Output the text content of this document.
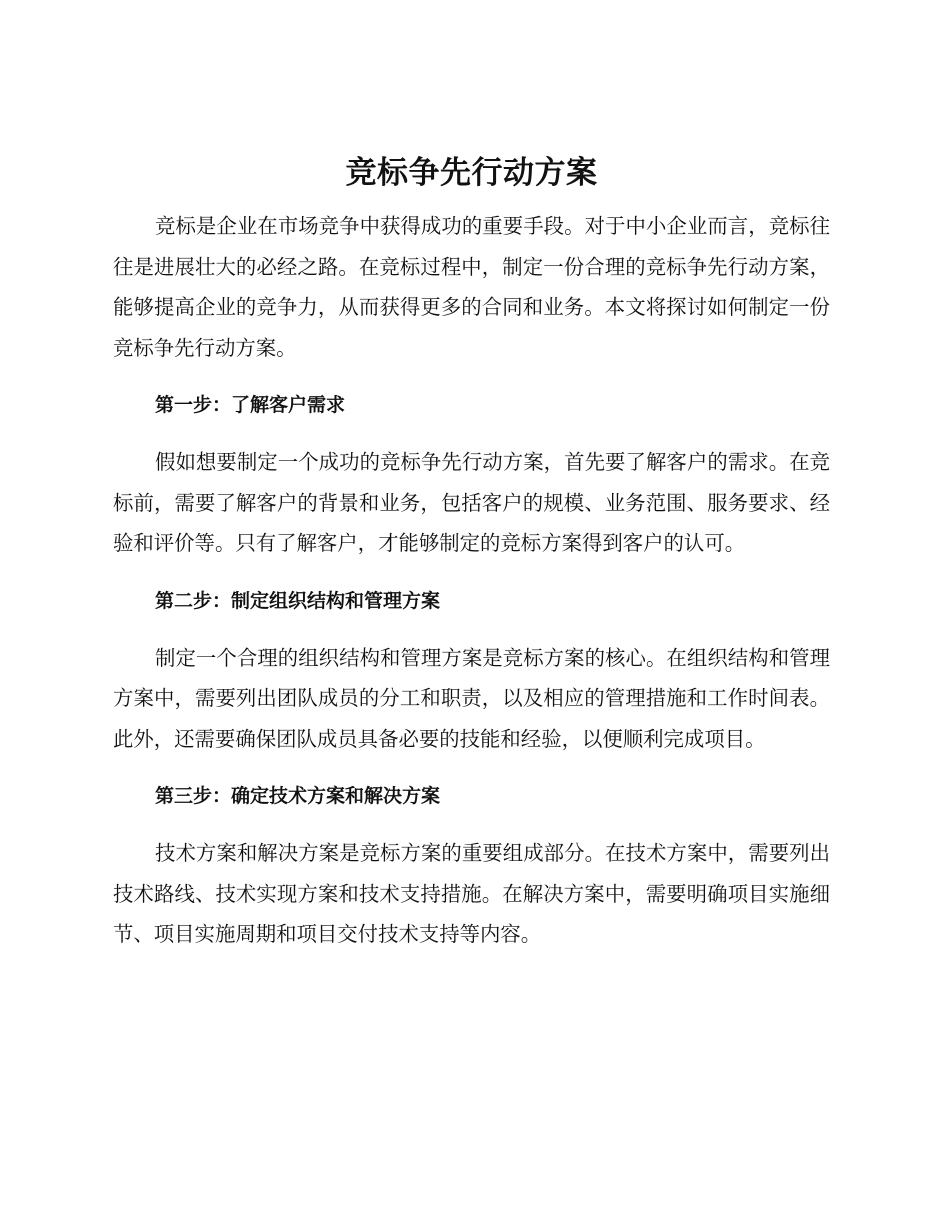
竞标争先行动方案

竞标是企业在市场竞争中获得成功的重要手段。对于中小企业而言，竞标往往是进展壮大的必经之路。在竞标过程中，制定一份合理的竞标争先行动方案，能够提高企业的竞争力，从而获得更多的合同和业务。本文将探讨如何制定一份竞标争先行动方案。

第一步：了解客户需求

假如想要制定一个成功的竞标争先行动方案，首先要了解客户的需求。在竞标前，需要了解客户的背景和业务，包括客户的规模、业务范围、服务要求、经验和评价等。只有了解客户，才能够制定的竞标方案得到客户的认可。

第二步：制定组织结构和管理方案

制定一个合理的组织结构和管理方案是竞标方案的核心。在组织结构和管理方案中，需要列出团队成员的分工和职责，以及相应的管理措施和工作时间表。此外，还需要确保团队成员具备必要的技能和经验，以便顺利完成项目。

第三步：确定技术方案和解决方案

技术方案和解决方案是竞标方案的重要组成部分。在技术方案中，需要列出技术路线、技术实现方案和技术支持措施。在解决方案中，需要明确项目实施细节、项目实施周期和项目交付技术支持等内容。
